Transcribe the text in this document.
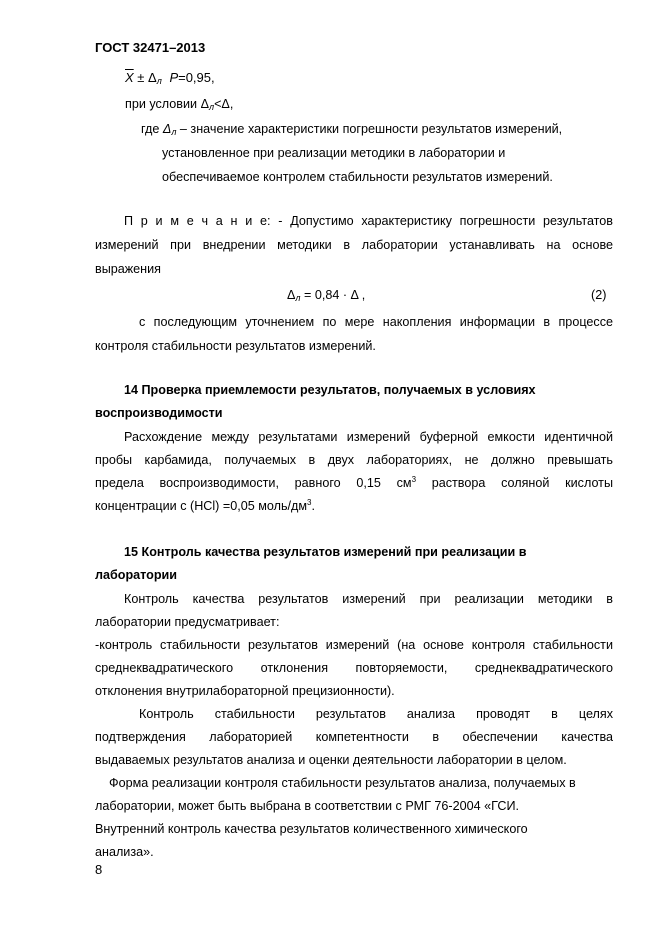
ГОСТ 32471–2013
$\overline{X} \pm \Delta_л$ P=0,95,
при условии $\Delta_л<\Delta$,
где $\Delta_л$ – значение характеристики погрешности результатов измерений,
установленное при реализации методики в лаборатории и
обеспечиваемое контролем стабильности результатов измерений.
П р и м е ч а н и е: - Допустимо характеристику погрешности результатов
измерений при внедрении методики в лаборатории устанавливать на основе
выражения
$\Delta_л = 0,84 \cdot \Delta$ ,	(2)
с последующим уточнением по мере накопления информации в процессе
контроля стабильности результатов измерений.
14 Проверка приемлемости результатов, получаемых в условиях
воспроизводимости
Расхождение между результатами измерений буферной емкости идентичной
пробы карбамида, получаемых в двух лабораториях, не должно превышать
предела воспроизводимости, равного 0,15 $см^3$ раствора соляной кислоты
концентрации с (HCl) =0,05 моль/$дм^3$.
15 Контроль качества результатов измерений при реализации в
лаборатории
Контроль качества результатов измерений при реализации методики в
лаборатории предусматривает:
-контроль стабильности результатов измерений (на основе контроля стабильности
среднеквадратического отклонения повторяемости, среднеквадратического
отклонения внутрилабораторной прецизионности).
Контроль стабильности результатов анализа проводят в целях
подтверждения лабораторией компетентности в обеспечении качества
выдаваемых результатов анализа и оценки деятельности лаборатории в целом.
Форма реализации контроля стабильности результатов анализа, получаемых в
лаборатории, может быть выбрана в соответствии с РМГ 76-2004 «ГСИ.
Внутренний контроль качества результатов количественного химического
анализа».
8
